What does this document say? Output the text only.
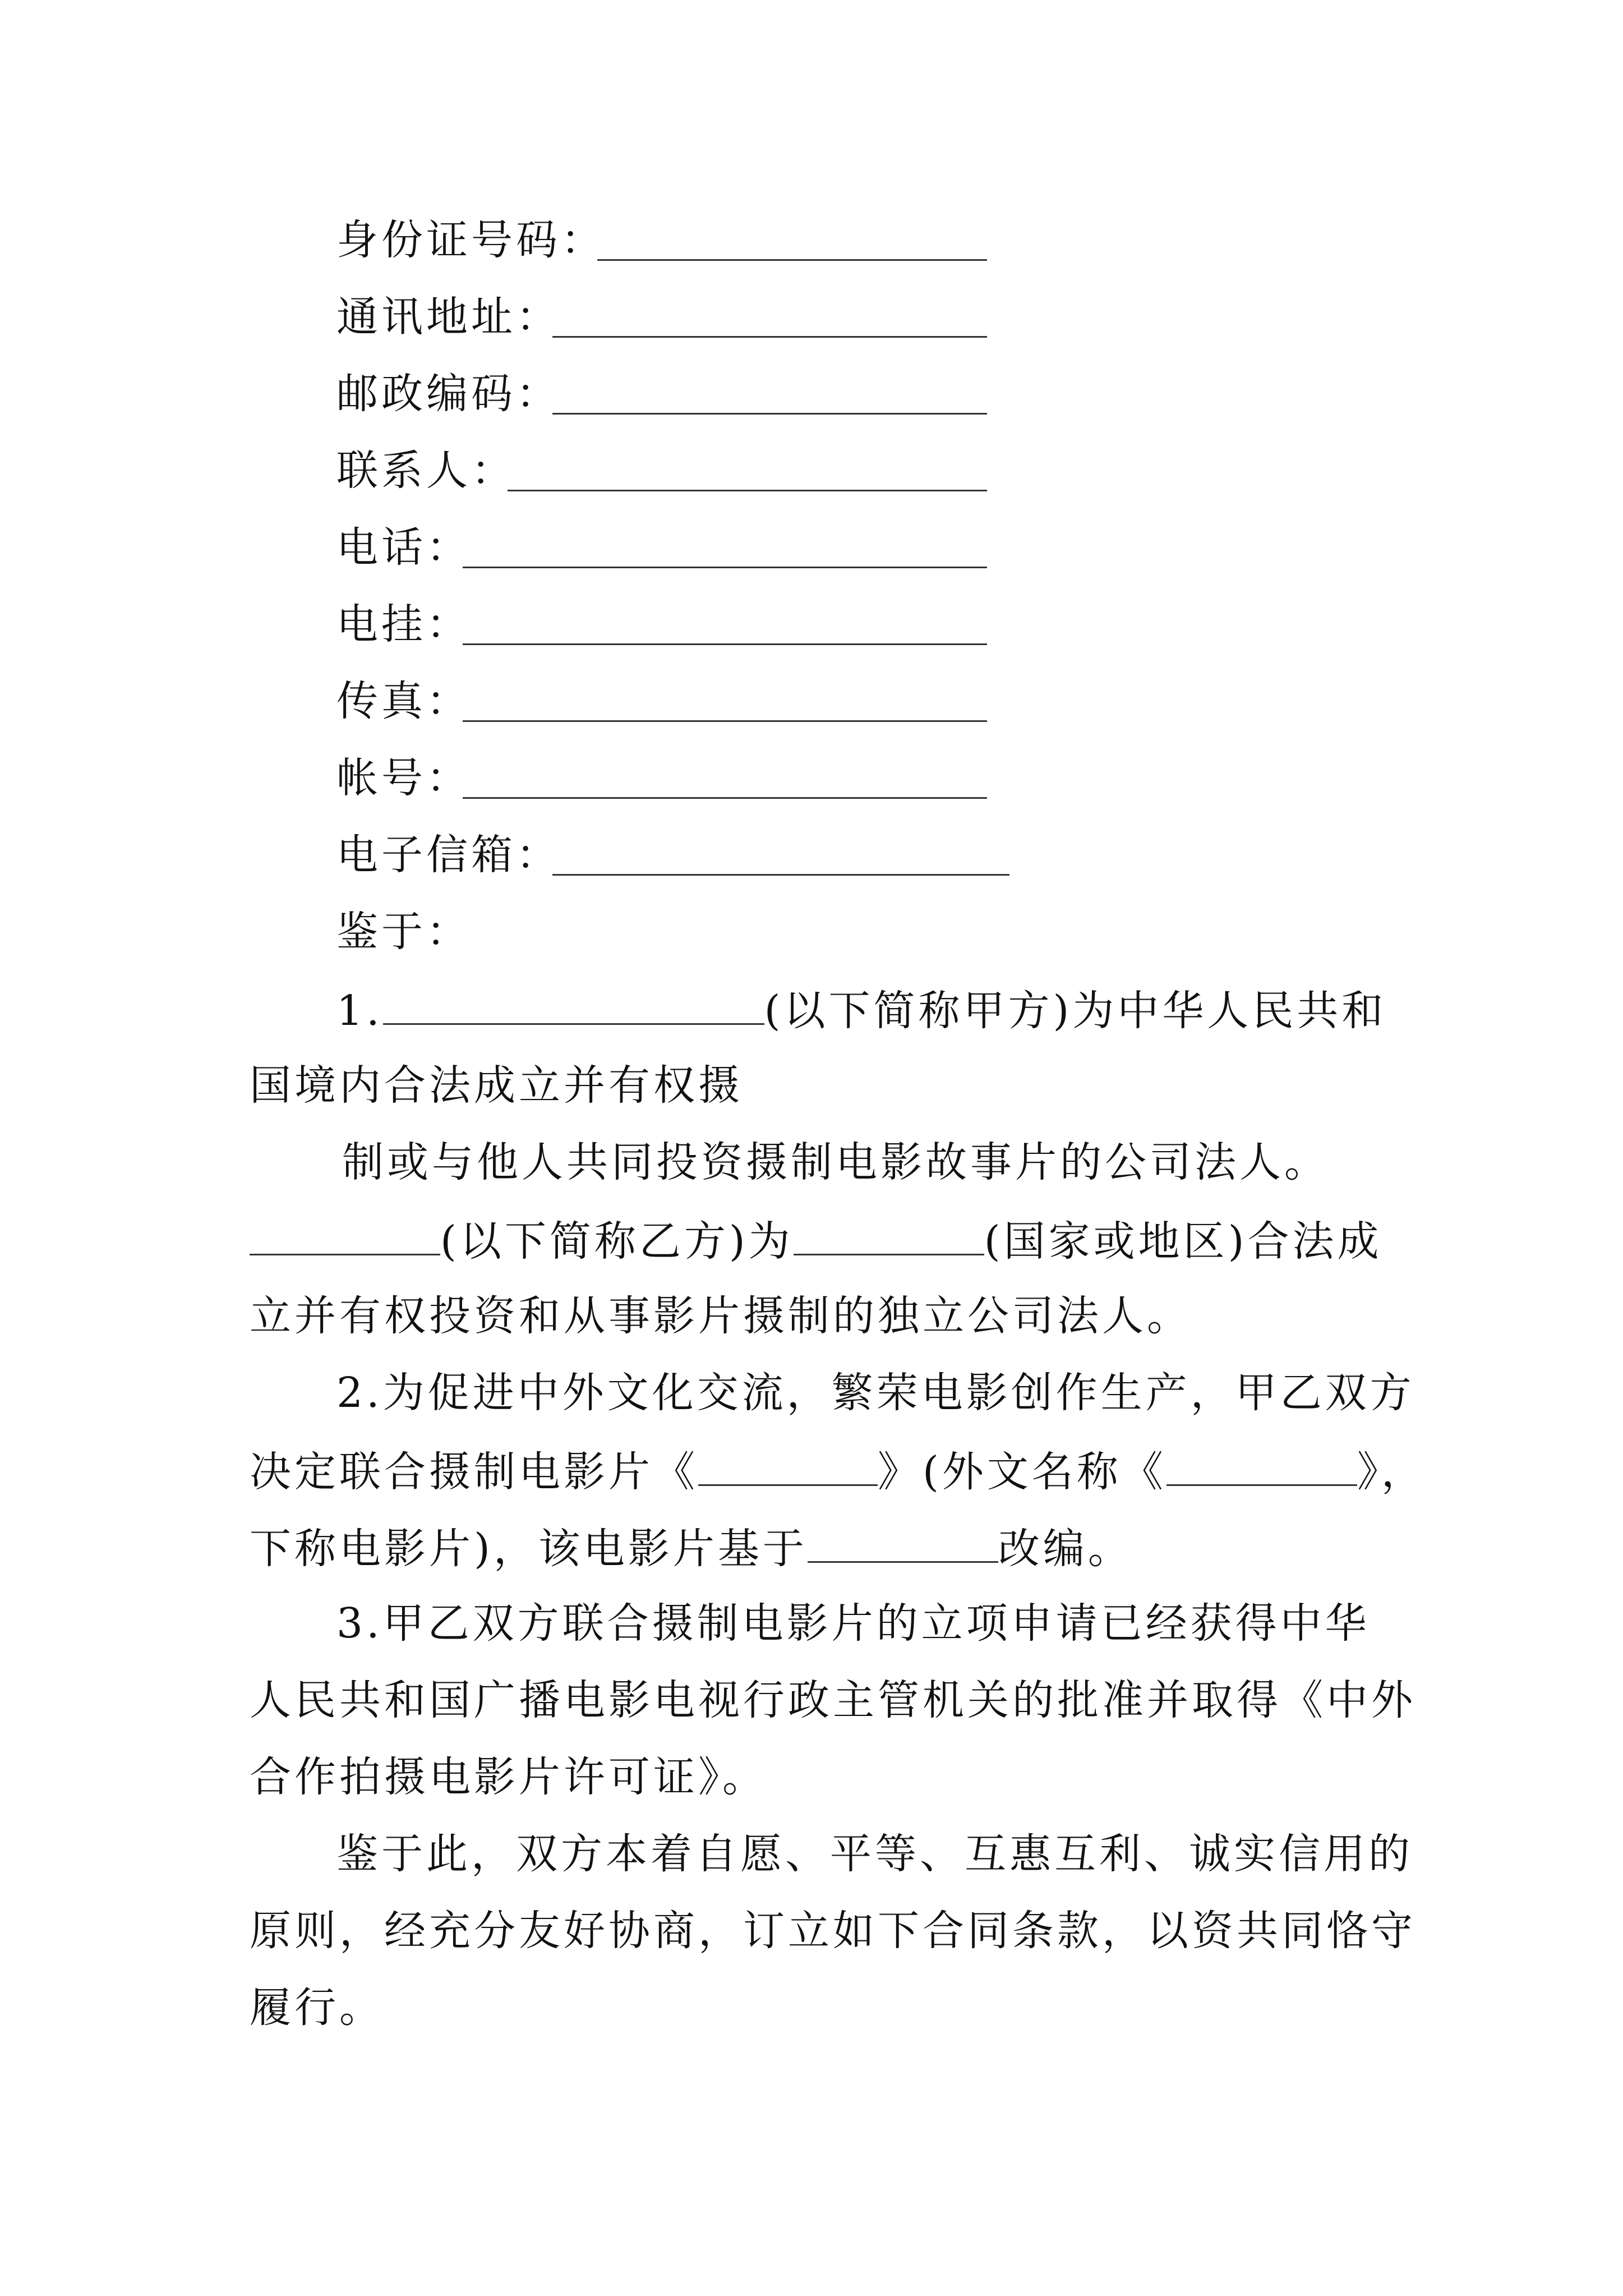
身份证号码：
通讯地址：
邮政编码：
联系人：
电话：
电挂：
传真：
帐号：
电子信箱：
鉴于：
1.	(以下简称甲方)为中华人民共和
国境内合法成立并有权摄
制或与他人共同投资摄制电影故事片的公司法人。
(以下简称乙方)为	(国家或地区)合法成
立并有权投资和从事影片摄制的独立公司法人。
2.为促进中外文化交流，繁荣电影创作生产，甲乙双方
决定联合摄制电影片《	》(外文名称《	》，
下称电影片)，该电影片基于	改编。
3.甲乙双方联合摄制电影片的立项申请已经获得中华
人民共和国广播电影电视行政主管机关的批准并取得《中外
合作拍摄电影片许可证》。
鉴于此，双方本着自愿、平等、互惠互利、诚实信用的
原则，经充分友好协商，订立如下合同条款，以资共同恪守
履行。
